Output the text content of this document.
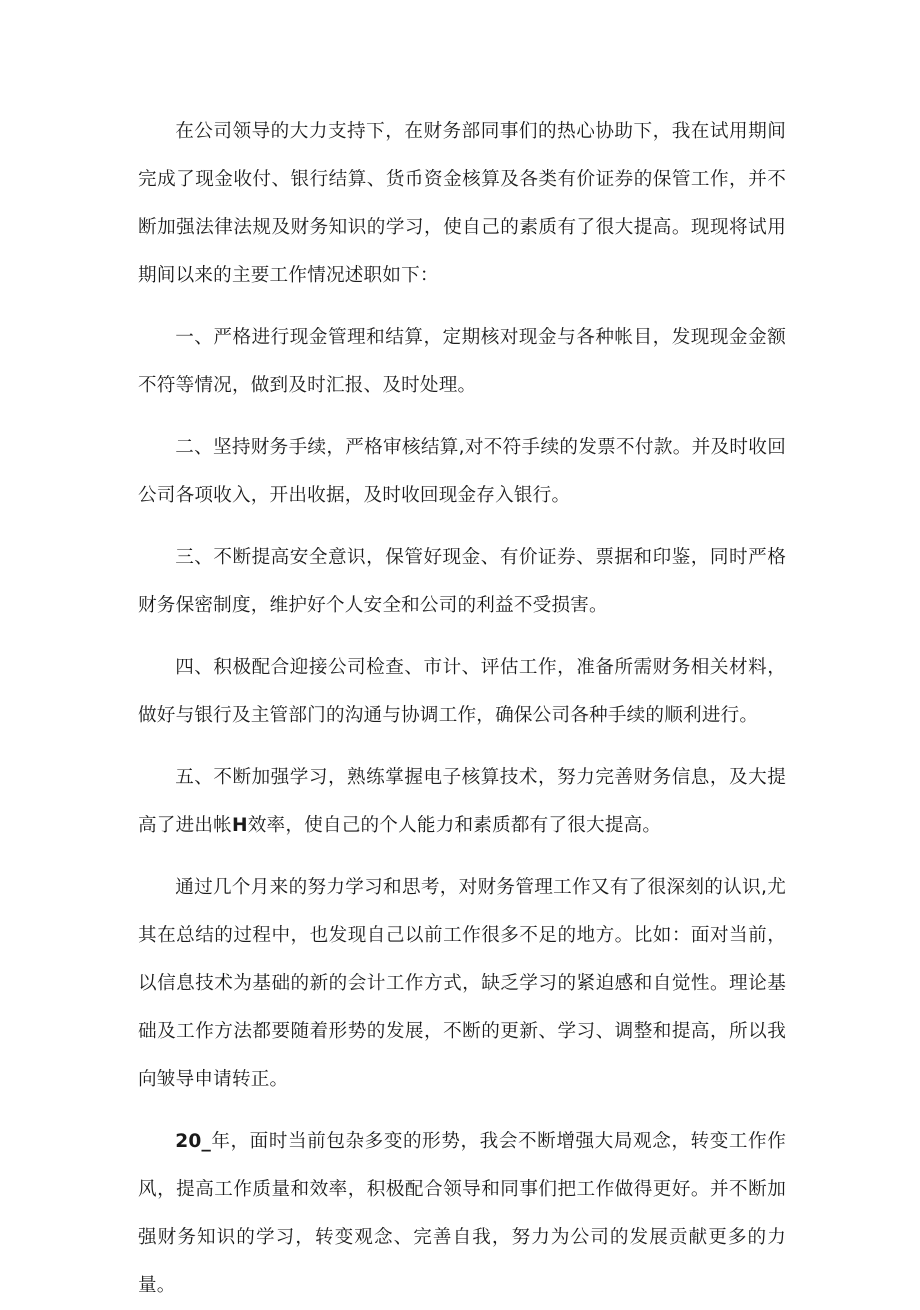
在公司领导的大力支持下，在财务部同事们的热心协助下，我在试用期间完成了现金收付、银行结算、货币资金核算及各类有价证券的保管工作，并不断加强法律法规及财务知识的学习，使自己的素质有了很大提高。现现将试用期间以来的主要工作情况述职如下：

一、严格进行现金管理和结算，定期核对现金与各种帐目，发现现金金额不符等情况，做到及时汇报、及时处理。

二、坚持财务手续，严格审核结算,对不符手续的发票不付款。并及时收回公司各项收入，开出收据，及时收回现金存入银行。

三、不断提高安全意识，保管好现金、有价证券、票据和印鉴，同时严格财务保密制度，维护好个人安全和公司的利益不受损害。

四、积极配合迎接公司检查、市计、评估工作，准备所需财务相关材料，做好与银行及主管部门的沟通与协调工作，确保公司各种手续的顺利进行。

五、不断加强学习，熟练掌握电子核算技术，努力完善财务信息，及大提高了进出帐H效率，使自己的个人能力和素质都有了很大提高。

通过几个月来的努力学习和思考，对财务管理工作又有了很深刻的认识,尤其在总结的过程中，也发现自己以前工作很多不足的地方。比如：面对当前，以信息技术为基础的新的会计工作方式，缺乏学习的紧迫感和自觉性。理论基础及工作方法都要随着形势的发展，不断的更新、学习、调整和提高，所以我向皱导申请转正。

20_年，面时当前包杂多变的形势，我会不断增强大局观念，转变工作作风，提高工作质量和效率，积极配合领导和同事们把工作做得更好。并不断加强财务知识的学习，转变观念、完善自我，努力为公司的发展贡献更多的力量。
